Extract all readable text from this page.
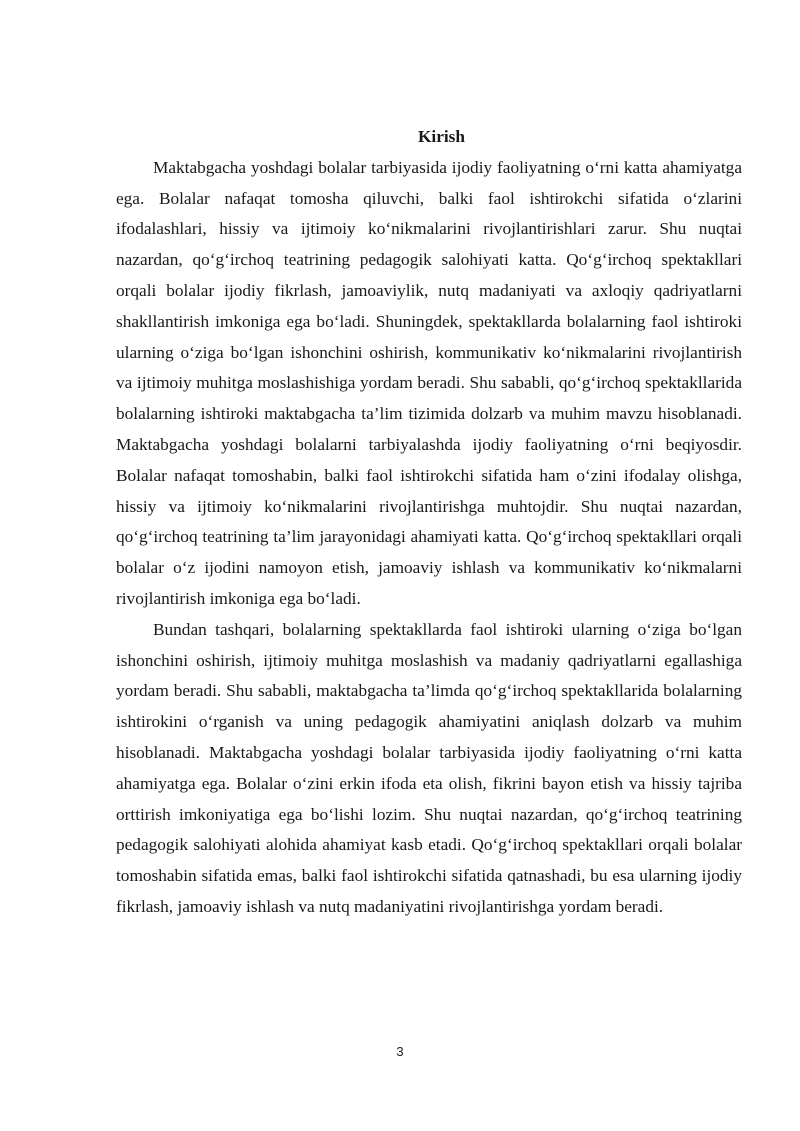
Kirish

Maktabgacha yoshdagi bolalar tarbiyasida ijodiy faoliyatning o‘rni katta ahamiyatga ega. Bolalar nafaqat tomosha qiluvchi, balki faol ishtirokchi sifatida o‘zlarini ifodalashlari, hissiy va ijtimoiy ko‘nikmalarini rivojlantirishlari zarur. Shu nuqtai nazardan, qo‘g‘irchoq teatrining pedagogik salohiyati katta. Qo‘g‘irchoq spektakllari orqali bolalar ijodiy fikrlash, jamoaviylik, nutq madaniyati va axloqiy qadriyatlarni shakllantirish imkoniga ega bo‘ladi. Shuningdek, spektakllarda bolalarning faol ishtiroki ularning o‘ziga bo‘lgan ishonchini oshirish, kommunikativ ko‘nikmalarini rivojlantirish va ijtimoiy muhitga moslashishiga yordam beradi. Shu sababli, qo‘g‘irchoq spektakllarida bolalarning ishtiroki maktabgacha ta’lim tizimida dolzarb va muhim mavzu hisoblanadi. Maktabgacha yoshdagi bolalarni tarbiyalashda ijodiy faoliyatning o‘rni beqiyosdir. Bolalar nafaqat tomoshabin, balki faol ishtirokchi sifatida ham o‘zini ifodalay olishga, hissiy va ijtimoiy ko‘nikmalarini rivojlantirishga muhtojdir. Shu nuqtai nazardan, qo‘g‘irchoq teatrining ta’lim jarayonidagi ahamiyati katta. Qo‘g‘irchoq spektakllari orqali bolalar o‘z ijodini namoyon etish, jamoaviy ishlash va kommunikativ ko‘nikmalarni rivojlantirish imkoniga ega bo‘ladi.

Bundan tashqari, bolalarning spektakllarda faol ishtiroki ularning o‘ziga bo‘lgan ishonchini oshirish, ijtimoiy muhitga moslashish va madaniy qadriyatlarni egallashiga yordam beradi. Shu sababli, maktabgacha ta’limda qo‘g‘irchoq spektakllarida bolalarning ishtirokini o‘rganish va uning pedagogik ahamiyatini aniqlash dolzarb va muhim hisoblanadi. Maktabgacha yoshdagi bolalar tarbiyasida ijodiy faoliyatning o‘rni katta ahamiyatga ega. Bolalar o‘zini erkin ifoda eta olish, fikrini bayon etish va hissiy tajriba orttirish imkoniyatiga ega bo‘lishi lozim. Shu nuqtai nazardan, qo‘g‘irchoq teatrining pedagogik salohiyati alohida ahamiyat kasb etadi. Qo‘g‘irchoq spektakllari orqali bolalar tomoshabin sifatida emas, balki faol ishtirokchi sifatida qatnashadi, bu esa ularning ijodiy fikrlash, jamoaviy ishlash va nutq madaniyatini rivojlantirishga yordam beradi.

3
